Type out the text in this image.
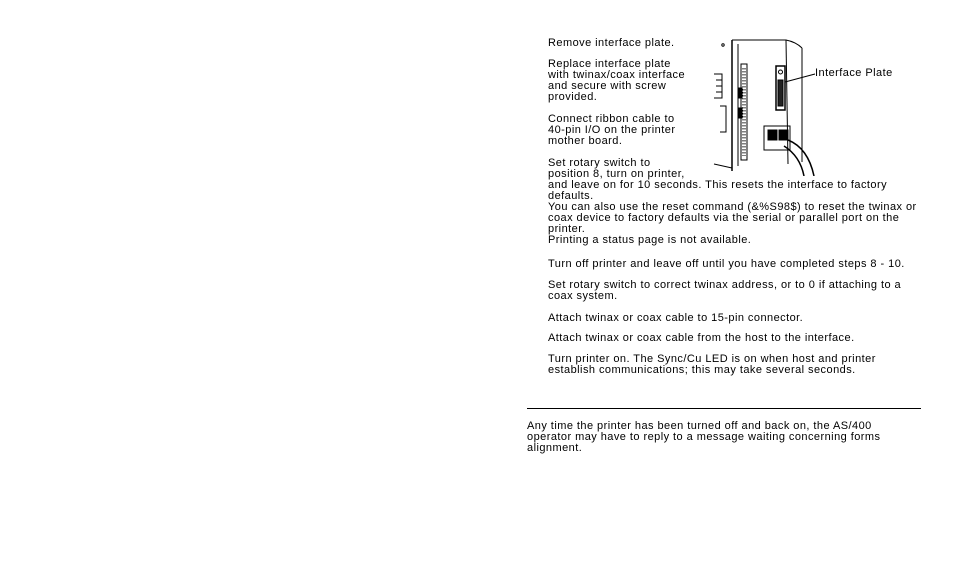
Remove interface plate.

Replace interface plate
with twinax/coax interface
and secure with screw
provided.

Connect ribbon cable to
40-pin I/O on the printer
mother board.

Set rotary switch to
position 8, turn on printer,
and leave on for 10 seconds. This resets the interface to factory
defaults.
You can also use the reset command (&%S98$) to reset the twinax or
coax device to factory defaults via the serial or parallel port on the
printer.
Printing a status page is not available.

Turn off printer and leave off until you have completed steps 8 - 10.

Set rotary switch to correct twinax address, or to 0 if attaching to a
coax system.

Attach twinax or coax cable to 15-pin connector.

Attach twinax or coax cable from the host to the interface.

Turn printer on. The Sync/Cu LED is on when host and printer
establish communications; this may take several seconds.

Interface Plate

Any time the printer has been turned off and back on, the AS/400
operator may have to reply to a message waiting concerning forms
alignment.
